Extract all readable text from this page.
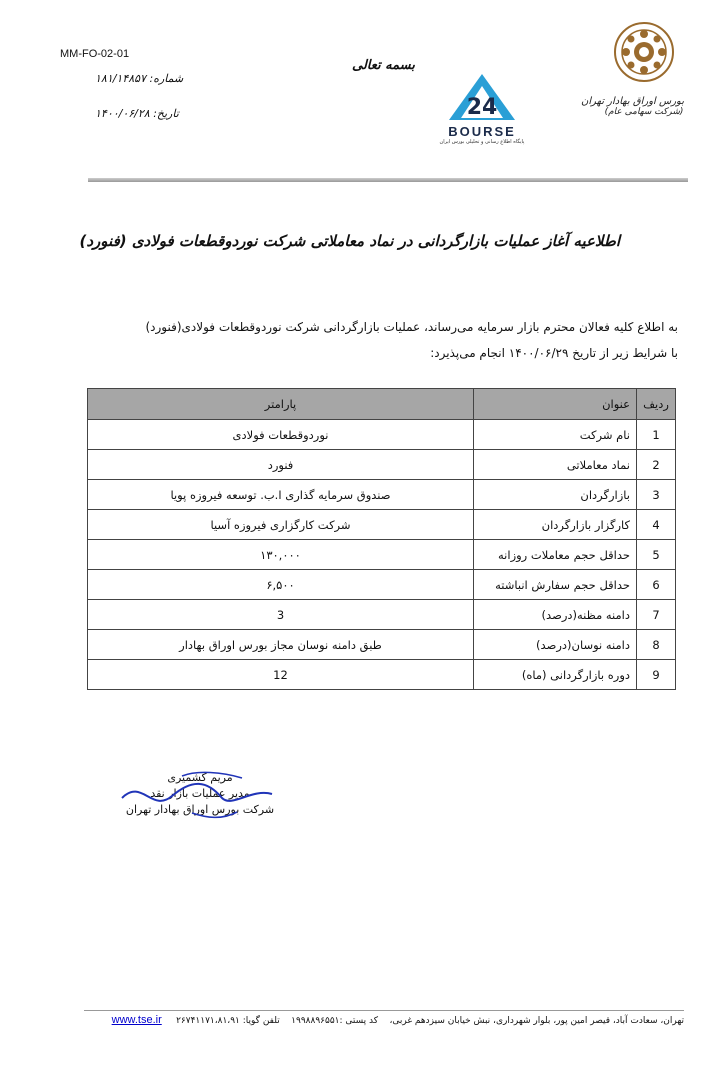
MM-FO-02-01
شماره: ۱۸۱/۱۴۸۵۷
تاریخ: ۱۴۰۰/۰۶/۲۸
بسمه تعالی
24
BOURSE
پایگاه اطلاع رسانی و تحلیلی بورس ایران
بورس اوراق بهادار تهران
(شرکت سهامی عام)
اطلاعیه آغاز عملیات بازارگردانی در نماد معاملاتی شرکت نوردوقطعات فولادی (فنورد)
به اطلاع کلیه فعالان محترم بازار سرمایه می‌رساند، عملیات بازارگردانی شرکت نوردوقطعات فولادی(فنورد)
با شرایط زیر از تاریخ ۱۴۰۰/۰۶/۲۹ انجام می‌پذیرد:
ردیف	عنوان	پارامتر
1	نام شرکت	نوردوقطعات فولادی
2	نماد معاملاتی	فنورد
3	بازارگردان	صندوق سرمایه گذاری ا.ب. توسعه فیروزه پویا
4	کارگزار بازارگردان	شرکت کارگزاری فیروزه آسیا
5	حداقل حجم معاملات روزانه	۱۳۰,۰۰۰
6	حداقل حجم سفارش انباشته	۶,۵۰۰
7	دامنه مظنه(درصد)	3
8	دامنه نوسان(درصد)	طبق دامنه نوسان مجاز بورس اوراق بهادار
9	دوره بازارگردانی (ماه)	12
مریم کشمیری
مدیر عملیات بازار نقد
شرکت بورس اوراق بهادار تهران
تهران، سعادت آباد، قیصر امین پور، بلوار شهرداری، نبش خیابان سیزدهم غربی،    کد پستی :۱۹۹۸۸۹۶۵۵۱    تلفن گویا: ۲۶۷۴۱۱۷۱،۸۱،۹۱     www.tse.ir
